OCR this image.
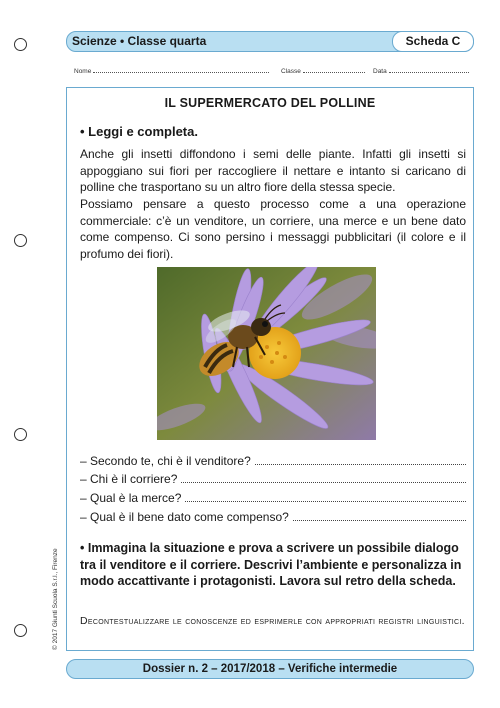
Scienze • Classe quarta	Scheda C
Nome	Classe	Data
IL SUPERMERCATO DEL POLLINE
• Leggi e completa.
Anche gli insetti diffondono i semi delle piante. Infatti gli insetti si appoggiano sui fiori per raccogliere il nettare e intanto si caricano di polline che trasportano su un altro fiore della stessa specie.
Possiamo pensare a questo processo come a una operazione commerciale: c’è un venditore, un corriere, una merce e un bene dato come compenso. Ci sono persino i messaggi pubblicitari (il colore e il profumo dei fiori).
– Secondo te, chi è il venditore?
– Chi è il corriere?
– Qual è la merce?
– Qual è il bene dato come compenso?
• Immagina la situazione e prova a scrivere un possibile dialogo tra il venditore e il corriere. Descrivi l’ambiente e personalizza in modo accattivante i protagonisti. Lavora sul retro della scheda.
Decontestualizzare le conoscenze ed esprimerle con appropriati registri linguistici.
© 2017 Giunti Scuola S.r.l., Firenze
Dossier n. 2 – 2017/2018 – Verifiche intermedie
